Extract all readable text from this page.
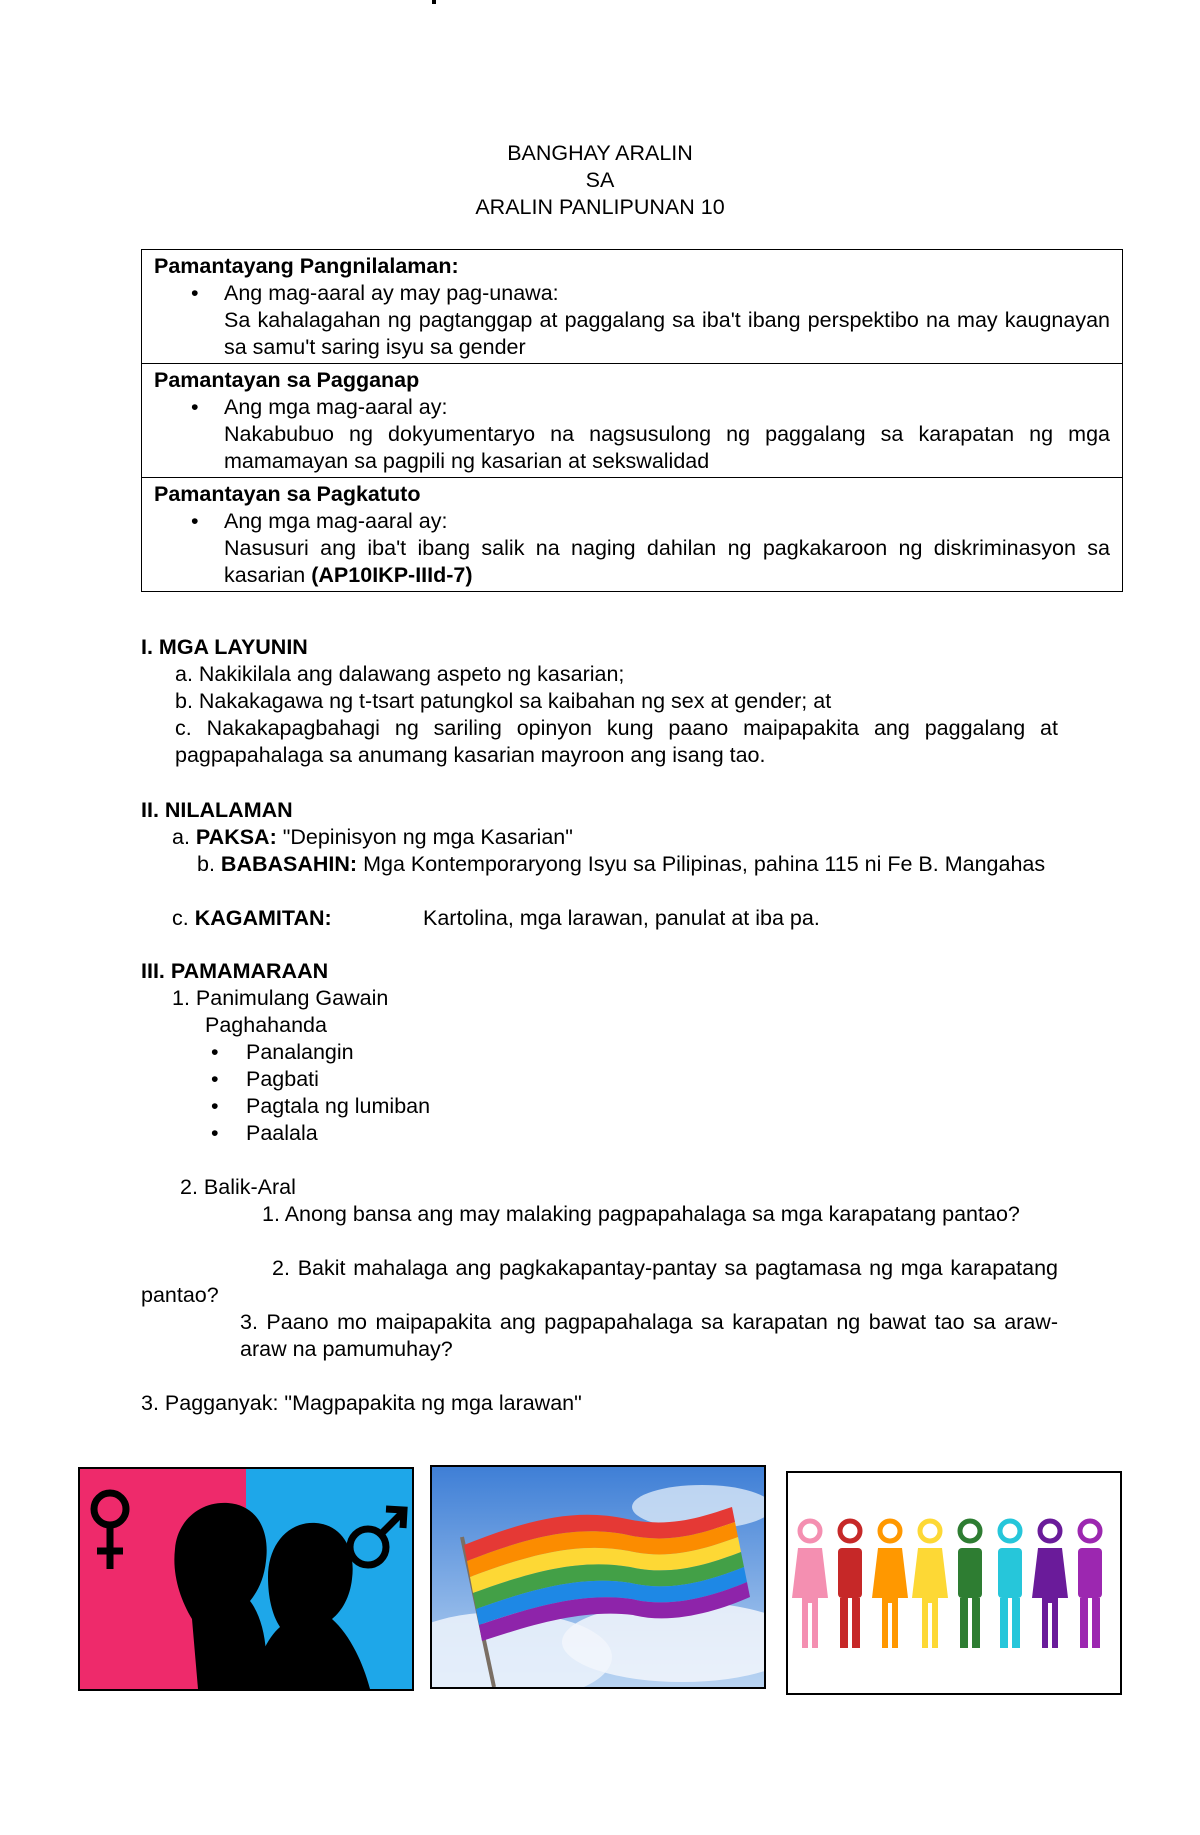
BANGHAY ARALIN
SA
ARALIN PANLIPUNAN 10
Pamantayang Pangnilalaman:
• Ang mag-aaral ay may pag-unawa:
Sa kahalagahan ng pagtanggap at paggalang sa iba't ibang perspektibo na may kaugnayan sa samu't saring isyu sa gender

Pamantayan sa Pagganap
• Ang mga mag-aaral ay:
Nakabubuo ng dokyumentaryo na nagsusulong ng paggalang sa karapatan ng mga mamamayan sa pagpili ng kasarian at sekswalidad

Pamantayan sa Pagkatuto
• Ang mga mag-aaral ay:
Nasusuri ang iba't ibang salik na naging dahilan ng pagkakaroon ng diskriminasyon sa kasarian (AP10IKP-IIId-7)
I. MGA LAYUNIN
a. Nakikilala ang dalawang aspeto ng kasarian;
b. Nakakagawa ng t-tsart patungkol sa kaibahan ng sex at gender; at
c. Nakakapagbahagi ng sariling opinyon kung paano maipapakita ang paggalang at pagpapahalaga sa anumang kasarian mayroon ang isang tao.
II. NILALAMAN
a. PAKSA: "Depinisyon ng mga Kasarian"
b. BABASAHIN: Mga Kontemporaryong Isyu sa Pilipinas, pahina 115 ni Fe B. Mangahas
c. KAGAMITAN:	Kartolina, mga larawan, panulat at iba pa.
III. PAMAMARAAN
1. Panimulang Gawain
Paghahanda
• Panalangin
• Pagbati
• Pagtala ng lumiban
• Paalala
2. Balik-Aral
1. Anong bansa ang may malaking pagpapahalaga sa mga karapatang pantao?
2. Bakit mahalaga ang pagkakapantay-pantay sa pagtamasa ng mga karapatang pantao?
3. Paano mo maipapakita ang pagpapahalaga sa karapatan ng bawat tao sa araw-araw na pamumuhay?
3. Pagganyak: "Magpapakita ng mga larawan"
